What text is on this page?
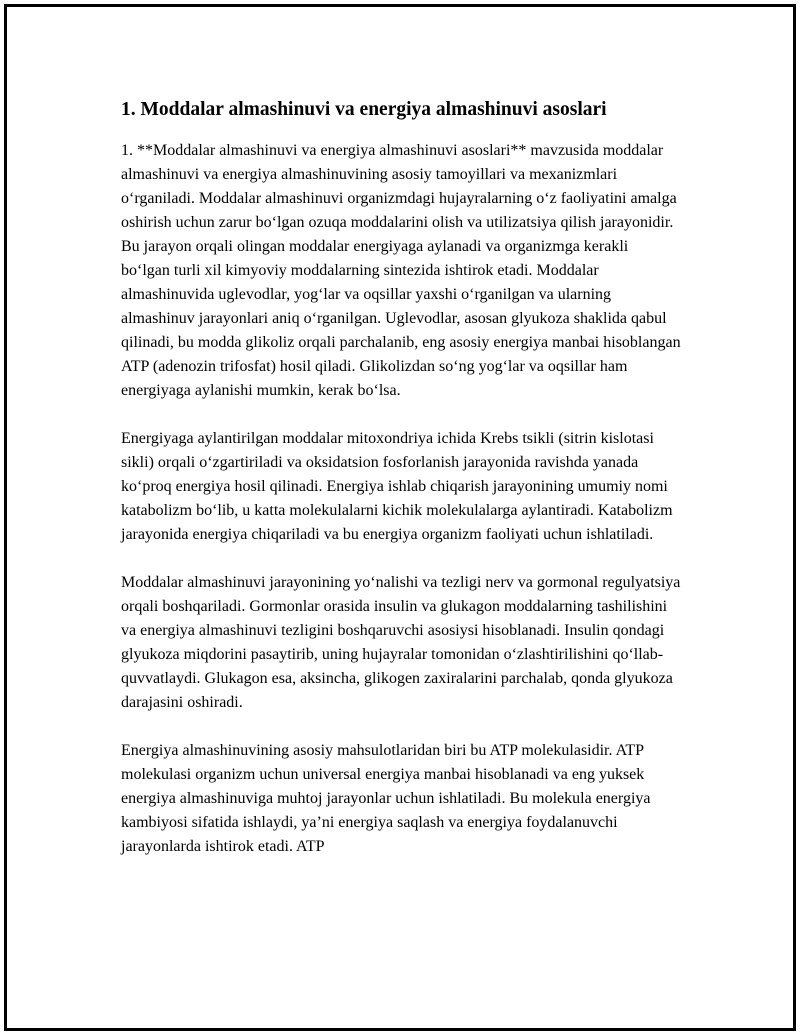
1. Moddalar almashinuvi va energiya almashinuvi asoslari

1. **Moddalar almashinuvi va energiya almashinuvi asoslari** mavzusida moddalar almashinuvi va energiya almashinuvining asosiy tamoyillari va mexanizmlari o‘rganiladi. Moddalar almashinuvi organizmdagi hujayralarning o‘z faoliyatini amalga oshirish uchun zarur bo‘lgan ozuqa moddalarini olish va utilizatsiya qilish jarayonidir. Bu jarayon orqali olingan moddalar energiyaga aylanadi va organizmga kerakli bo‘lgan turli xil kimyoviy moddalarning sintezida ishtirok etadi. Moddalar almashinuvida uglevodlar, yog‘lar va oqsillar yaxshi o‘rganilgan va ularning almashinuv jarayonlari aniq o‘rganilgan. Uglevodlar, asosan glyukoza shaklida qabul qilinadi, bu modda glikoliz orqali parchalanib, eng asosiy energiya manbai hisoblangan ATP (adenozin trifosfat) hosil qiladi. Glikolizdan so‘ng yog‘lar va oqsillar ham energiyaga aylanishi mumkin, kerak bo‘lsa.

Energiyaga aylantirilgan moddalar mitoxondriya ichida Krebs tsikli (sitrin kislotasi sikli) orqali o‘zgartiriladi va oksidatsion fosforlanish jarayonida ravishda yanada ko‘proq energiya hosil qilinadi. Energiya ishlab chiqarish jarayonining umumiy nomi katabolizm bo‘lib, u katta molekulalarni kichik molekulalarga aylantiradi. Katabolizm jarayonida energiya chiqariladi va bu energiya organizm faoliyati uchun ishlatiladi.

Moddalar almashinuvi jarayonining yo‘nalishi va tezligi nerv va gormonal regulyatsiya orqali boshqariladi. Gormonlar orasida insulin va glukagon moddalarning tashilishini va energiya almashinuvi tezligini boshqaruvchi asosiysi hisoblanadi. Insulin qondagi glyukoza miqdorini pasaytirib, uning hujayralar tomonidan o‘zlashtirilishini qo‘llab-quvvatlaydi. Glukagon esa, aksincha, glikogen zaxiralarini parchalab, qonda glyukoza darajasini oshiradi.

Energiya almashinuvining asosiy mahsulotlaridan biri bu ATP molekulasidir. ATP molekulasi organizm uchun universal energiya manbai hisoblanadi va eng yuksek energiya almashinuviga muhtoj jarayonlar uchun ishlatiladi. Bu molekula energiya kambiyosi sifatida ishlaydi, ya’ni energiya saqlash va energiya foydalanuvchi jarayonlarda ishtirok etadi. ATP
